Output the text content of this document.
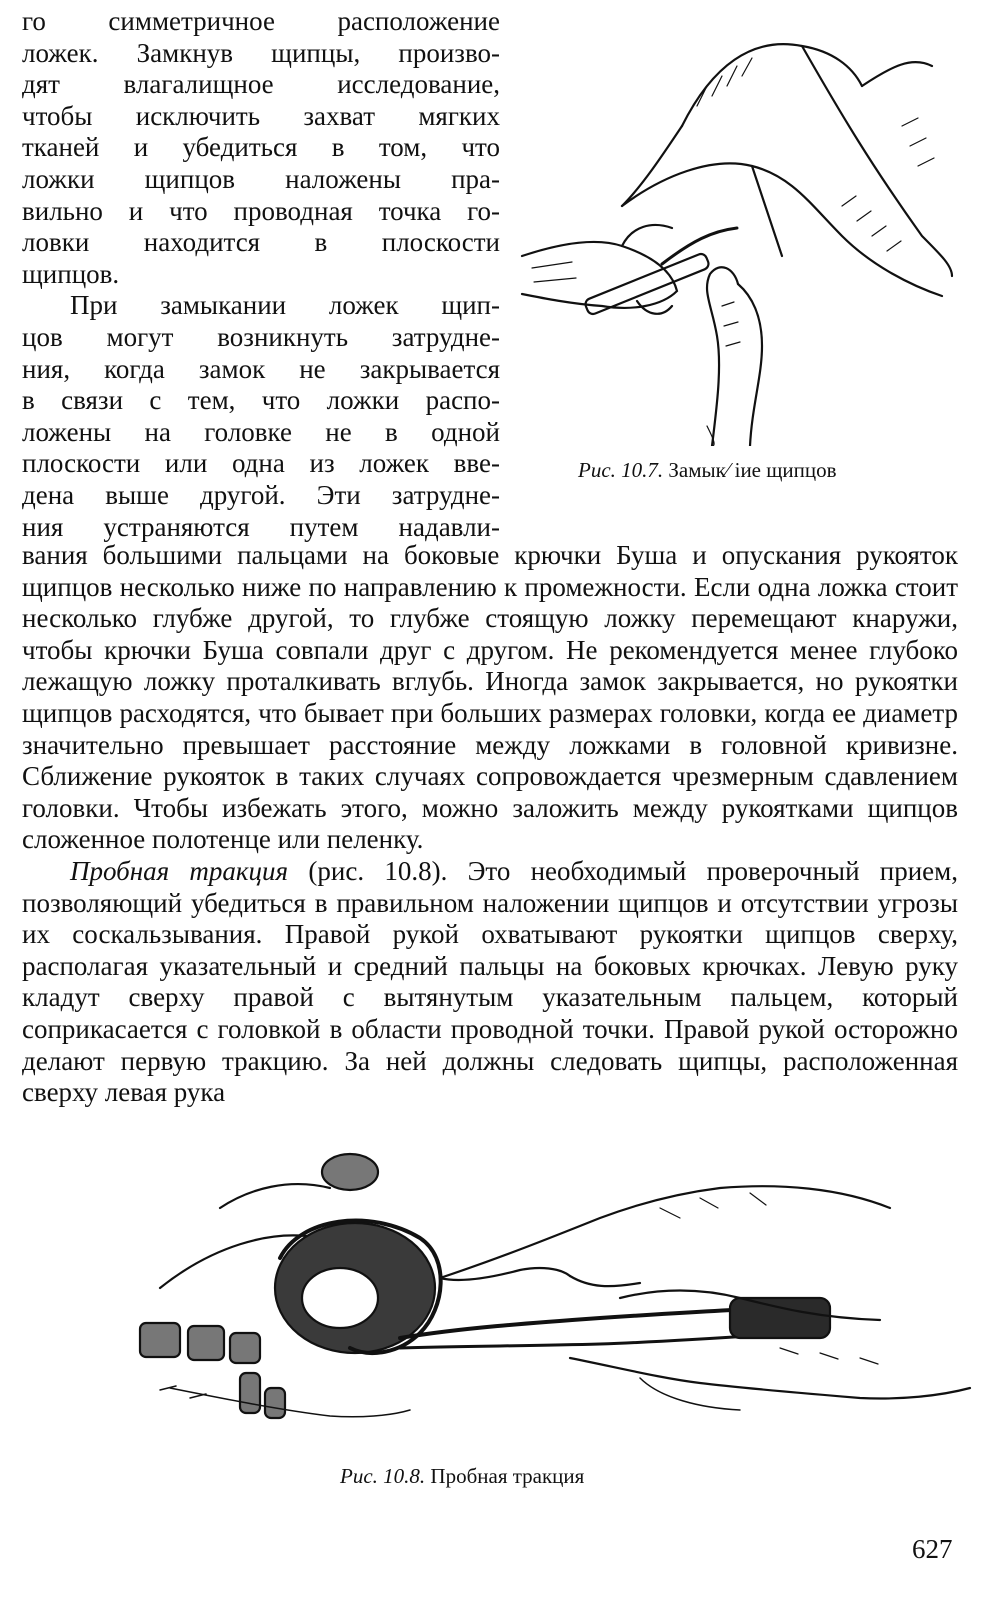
го симметричное расположение
ложек. Замкнув щипцы, произво-
дят влагалищное исследование,
чтобы исключить захват мягких
тканей и убедиться в том, что
ложки щипцов наложены пра-
вильно и что проводная точка го-
ловки находится в плоскости
щипцов.

При замыкании ложек щип-
цов могут возникнуть затрудне-
ния, когда замок не закрывается
в связи с тем, что ложки распо-
ложены на головке не в одной
плоскости или одна из ложек вве-
дена выше другой. Эти затрудне-
ния устраняются путем надавли-

Рис. 10.7. Замык⁄ іие щипцов

вания большими пальцами на боковые крючки Буша и опускания рукояток щипцов несколько ниже по направлению к промежности. Если одна ложка стоит несколько глубже другой, то глубже стоящую ложку перемещают кнаружи, чтобы крючки Буша совпали друг с другом. Не рекомендуется менее глубоко лежащую ложку проталкивать вглубь. Иногда замок закрывается, но рукоятки щипцов расходятся, что бывает при больших размерах головки, когда ее диаметр значительно превышает расстояние между ложками в головной кривизне. Сближение рукояток в таких случаях сопровождается чрезмерным сдавлением головки. Чтобы избежать этого, можно заложить между рукоятками щипцов сложенное полотенце или пеленку.

Пробная тракция (рис. 10.8). Это необходимый проверочный прием, позволяющий убедиться в правильном наложении щипцов и отсутствии угрозы их соскальзывания. Правой рукой охватывают рукоятки щипцов сверху, располагая указательный и средний пальцы на боковых крючках. Левую руку кладут сверху правой с вытянутым указательным пальцем, который соприкасается с головкой в области проводной точки. Правой рукой осторожно делают первую тракцию. За ней должны следовать щипцы, расположенная сверху левая рука

Рис. 10.8. Пробная тракция
627
